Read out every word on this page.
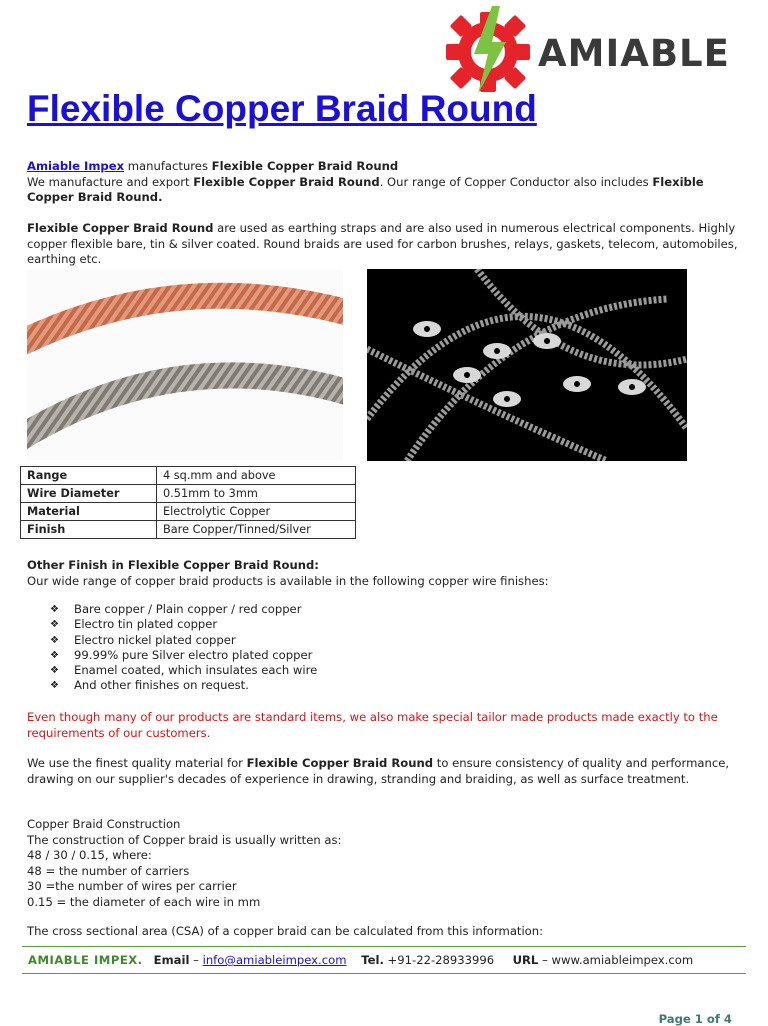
AMIABLE
Flexible Copper Braid Round

Amiable Impex manufactures Flexible Copper Braid Round
We manufacture and export Flexible Copper Braid Round. Our range of Copper Conductor also includes Flexible Copper Braid Round.

Flexible Copper Braid Round are used as earthing straps and are also used in numerous electrical components. Highly copper flexible bare, tin & silver coated. Round braids are used for carbon brushes, relays, gaskets, telecom, automobiles, earthing etc.

Range	4 sq.mm and above
Wire Diameter	0.51mm to 3mm
Material	Electrolytic Copper
Finish	Bare Copper/Tinned/Silver

Other Finish in Flexible Copper Braid Round:
Our wide range of copper braid products is available in the following copper wire finishes:

❖ Bare copper / Plain copper / red copper
❖ Electro tin plated copper
❖ Electro nickel plated copper
❖ 99.99% pure Silver electro plated copper
❖ Enamel coated, which insulates each wire
❖ And other finishes on request.

Even though many of our products are standard items, we also make special tailor made products made exactly to the requirements of our customers.

We use the finest quality material for Flexible Copper Braid Round to ensure consistency of quality and performance, drawing on our supplier's decades of experience in drawing, stranding and braiding, as well as surface treatment.

Copper Braid Construction
The construction of Copper braid is usually written as:
48 / 30 / 0.15, where:
48 = the number of carriers
30 =the number of wires per carrier
0.15 = the diameter of each wire in mm

The cross sectional area (CSA) of a copper braid can be calculated from this information:

AMIABLE IMPEX. Email – info@amiableimpex.com Tel. +91-22-28933996 URL – www.amiableimpex.com
Page 1 of 4
